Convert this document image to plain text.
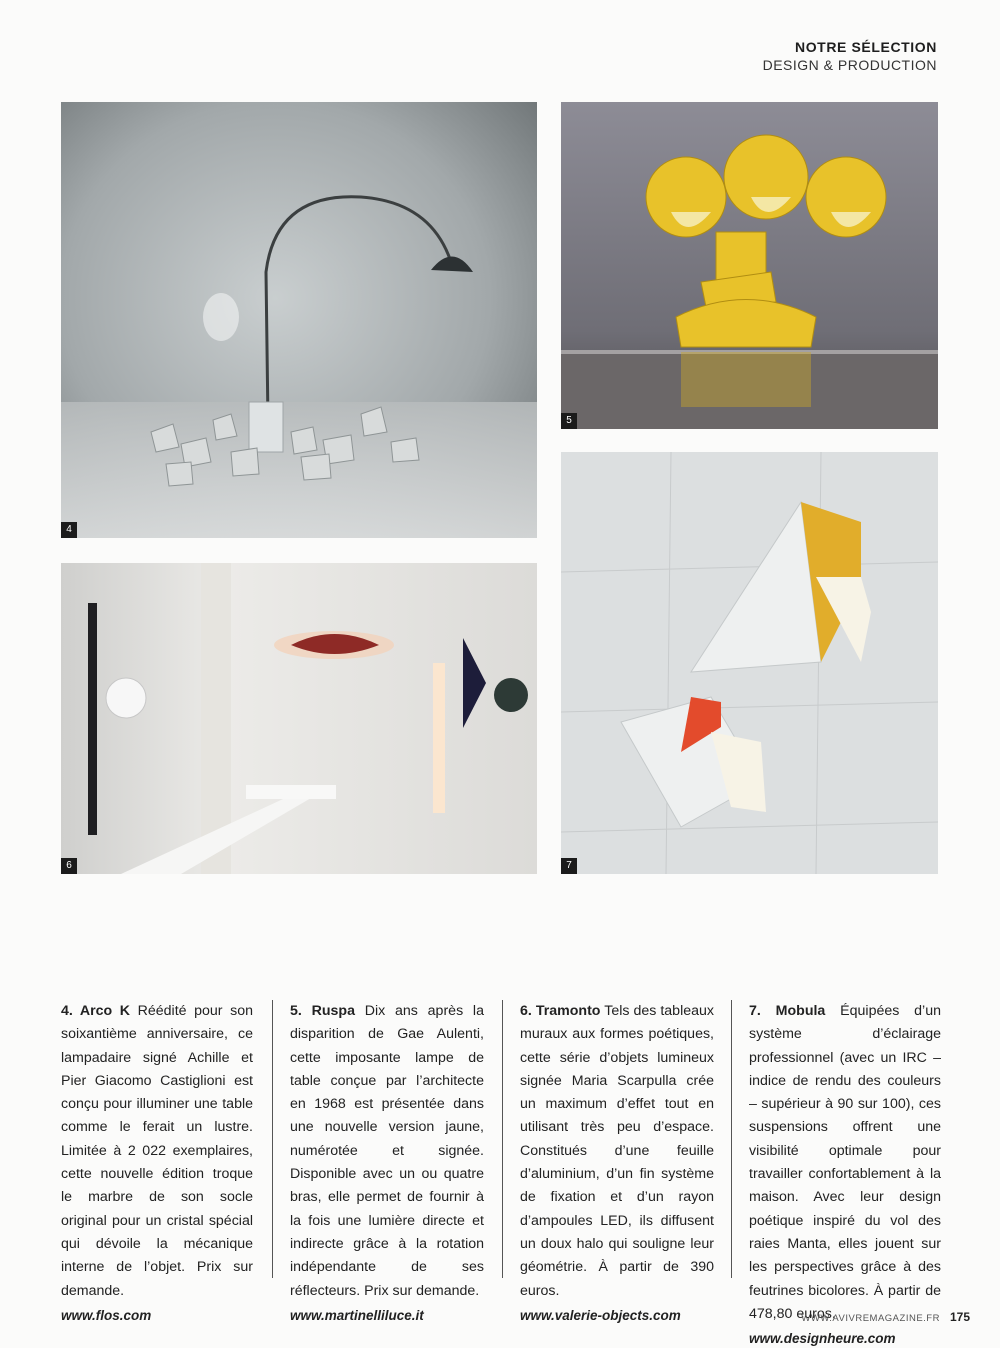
NOTRE SÉLECTION
DESIGN & PRODUCTION
4
5
6	7
4. Arco K Réédité pour son soixantième anniversaire, ce lampadaire signé Achille et Pier Giacomo Castiglioni est conçu pour illuminer une table comme le ferait un lustre. Limitée à 2 022 exemplaires, cette nouvelle édition troque le marbre de son socle original pour un cristal spécial qui dévoile la mécanique interne de l’objet. Prix sur demande.
www.flos.com
5. Ruspa Dix ans après la disparition de Gae Aulenti, cette imposante lampe de table conçue par l’architecte en 1968 est présentée dans une nouvelle version jaune, numérotée et signée. Disponible avec un ou quatre bras, elle permet de fournir à la fois une lumière directe et indirecte grâce à la rotation indépendante de ses réflecteurs. Prix sur demande.
www.martinelliluce.it
6. Tramonto Tels des tableaux muraux aux formes poétiques, cette série d’objets lumineux signée Maria Scarpulla crée un maximum d’effet tout en utilisant très peu d’espace. Constitués d’une feuille d’aluminium, d’un fin système de fixation et d’un rayon d’ampoules LED, ils diffusent un doux halo qui souligne leur géométrie. À partir de 390 euros.
www.valerie-objects.com
7. Mobula Équipées d’un système d’éclairage professionnel (avec un IRC – indice de rendu des couleurs – supérieur à 90 sur 100), ces suspensions offrent une visibilité optimale pour travailler confortablement à la maison. Avec leur design poétique inspiré du vol des raies Manta, elles jouent sur les perspectives grâce à des feutrines bicolores. À partir de 478,80 euros.
www.designheure.com
WWW.AVIVREMAGAZINE.FR 175
